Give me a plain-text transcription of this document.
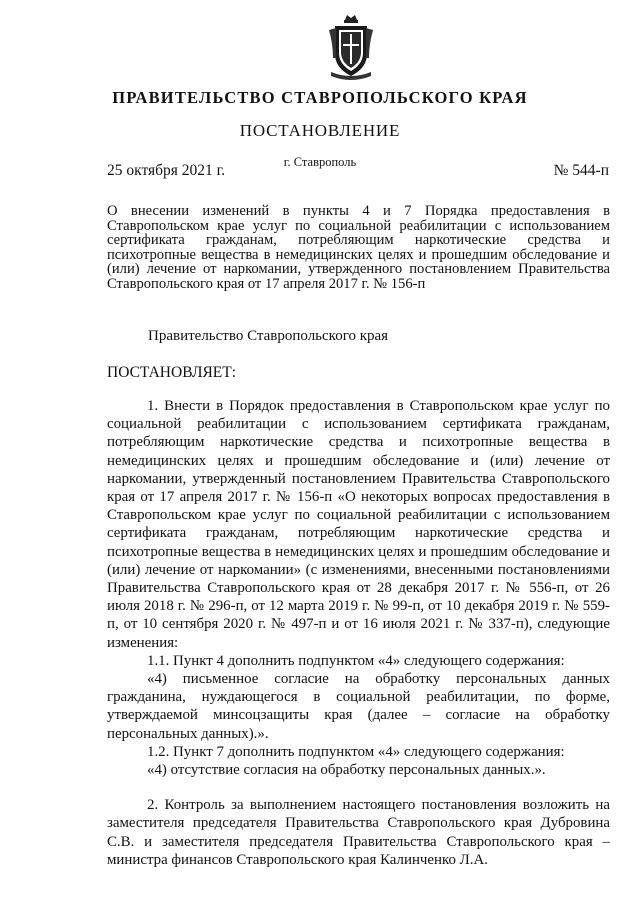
ПРАВИТЕЛЬСТВО СТАВРОПОЛЬСКОГО КРАЯ
ПОСТАНОВЛЕНИЕ
25 октября 2021 г.	г. Ставрополь	№ 544-п
О внесении изменений в пункты 4 и 7 Порядка предоставления в Ставропольском крае услуг по социальной реабилитации с использованием сертификата гражданам, потребляющим наркотические средства и психотропные вещества в немедицинских целях и прошедшим обследование и (или) лечение от наркомании, утвержденного постановлением Правительства Ставропольского края от 17 апреля 2017 г. № 156-п
Правительство Ставропольского края
ПОСТАНОВЛЯЕТ:

1. Внести в Порядок предоставления в Ставропольском крае услуг по социальной реабилитации с использованием сертификата гражданам, потребляющим наркотические средства и психотропные вещества в немедицинских целях и прошедшим обследование и (или) лечение от наркомании, утвержденный постановлением Правительства Ставропольского края от 17 апреля 2017 г. № 156-п «О некоторых вопросах предоставления в Ставропольском крае услуг по социальной реабилитации с использованием сертификата гражданам, потребляющим наркотические средства и психотропные вещества в немедицинских целях и прошедшим обследование и (или) лечение от наркомании» (с изменениями, внесенными постановлениями Правительства Ставропольского края от 28 декабря 2017 г. № 556-п, от 26 июля 2018 г. № 296-п, от 12 марта 2019 г. № 99-п, от 10 декабря 2019 г. № 559-п, от 10 сентября 2020 г. № 497-п и от 16 июля 2021 г. № 337-п), следующие изменения:

1.1. Пункт 4 дополнить подпунктом «4» следующего содержания:

«4) письменное согласие на обработку персональных данных гражданина, нуждающегося в социальной реабилитации, по форме, утверждаемой минсоцзащиты края (далее – согласие на обработку персональных данных).».

1.2. Пункт 7 дополнить подпунктом «4» следующего содержания:

«4) отсутствие согласия на обработку персональных данных.».

2. Контроль за выполнением настоящего постановления возложить на заместителя председателя Правительства Ставропольского края Дубровина С.В. и заместителя председателя Правительства Ставропольского края – министра финансов Ставропольского края Калинченко Л.А.
